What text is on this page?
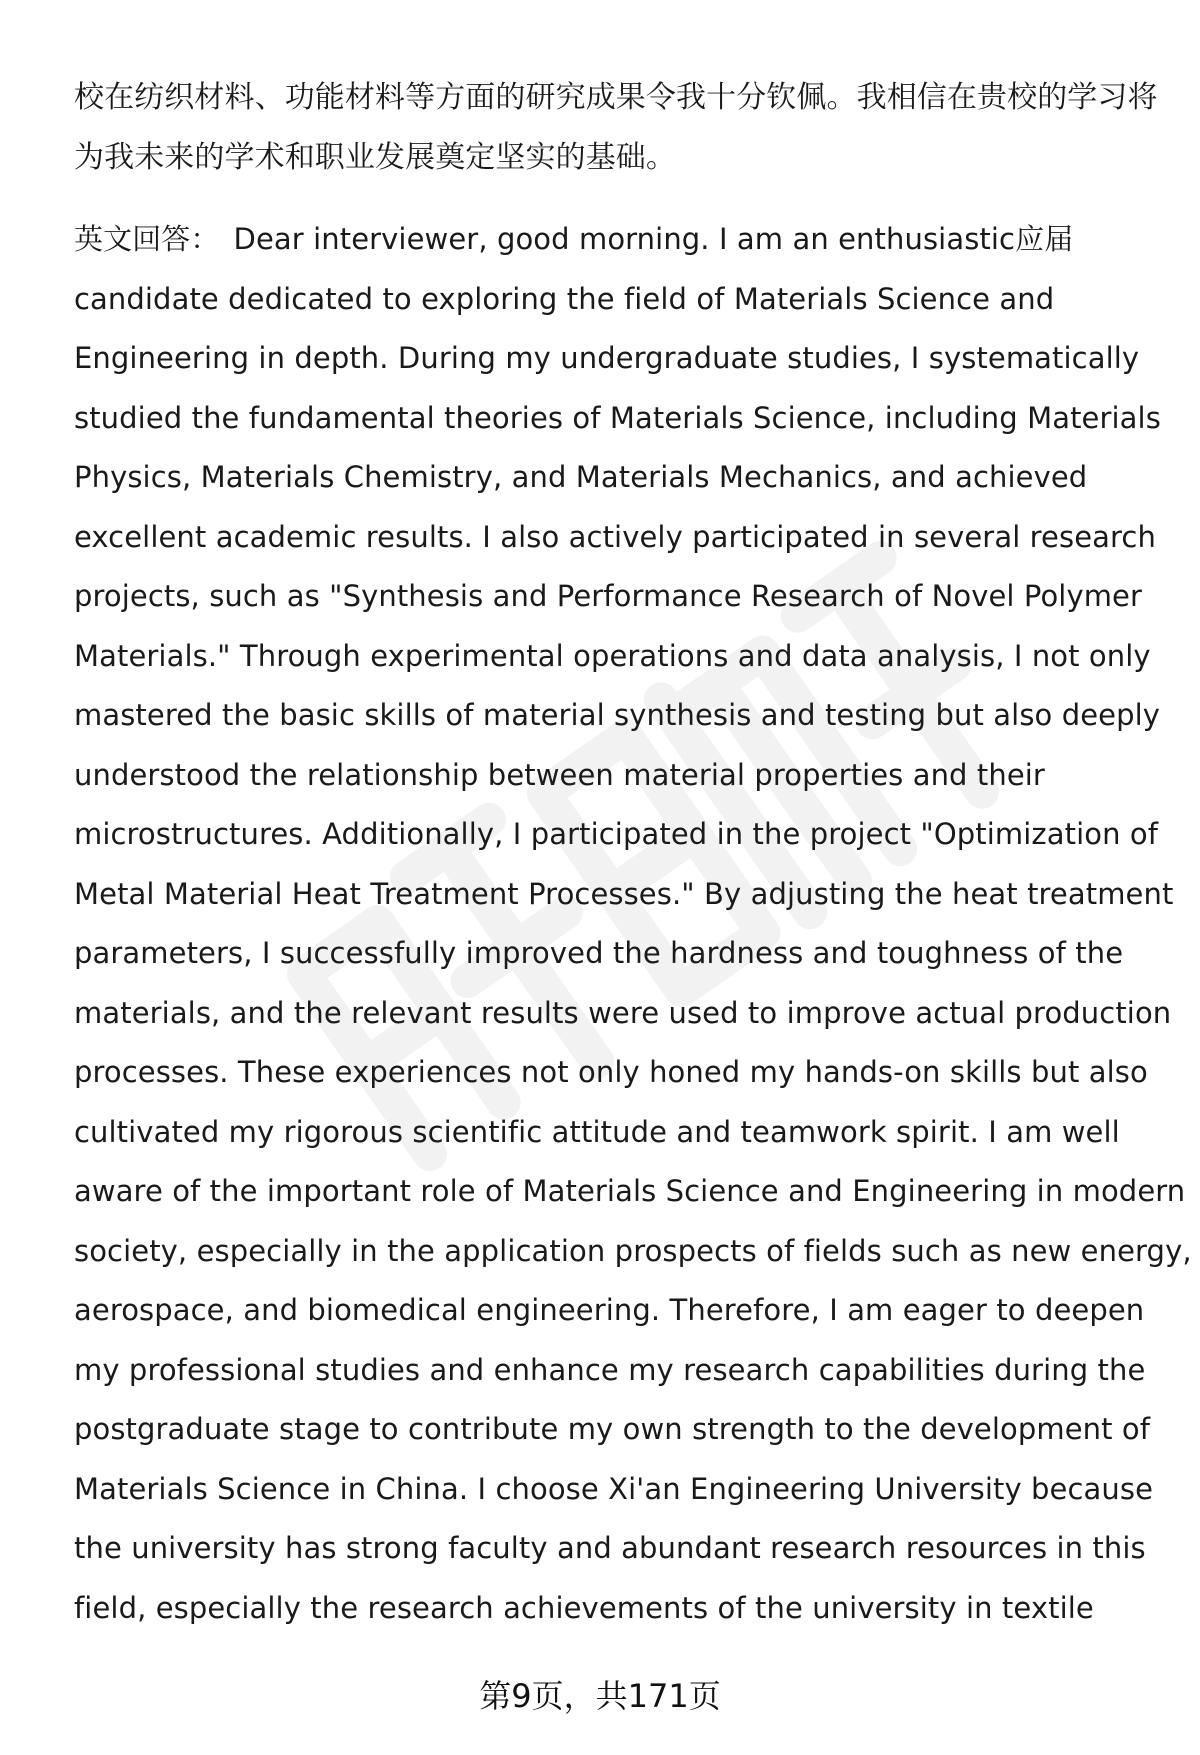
校在纺织材料、功能材料等方面的研究成果令我十分钦佩。我相信在贵校的学习将
为我未来的学术和职业发展奠定坚实的基础。

英文回答： Dear interviewer, good morning. I am an enthusiastic应届
candidate dedicated to exploring the field of Materials Science and
Engineering in depth. During my undergraduate studies, I systematically
studied the fundamental theories of Materials Science, including Materials
Physics, Materials Chemistry, and Materials Mechanics, and achieved
excellent academic results. I also actively participated in several research
projects, such as "Synthesis and Performance Research of Novel Polymer
Materials." Through experimental operations and data analysis, I not only
mastered the basic skills of material synthesis and testing but also deeply
understood the relationship between material properties and their
microstructures. Additionally, I participated in the project "Optimization of
Metal Material Heat Treatment Processes." By adjusting the heat treatment
parameters, I successfully improved the hardness and toughness of the
materials, and the relevant results were used to improve actual production
processes. These experiences not only honed my hands-on skills but also
cultivated my rigorous scientific attitude and teamwork spirit. I am well
aware of the important role of Materials Science and Engineering in modern
society, especially in the application prospects of fields such as new energy,
aerospace, and biomedical engineering. Therefore, I am eager to deepen
my professional studies and enhance my research capabilities during the
postgraduate stage to contribute my own strength to the development of
Materials Science in China. I choose Xi'an Engineering University because
the university has strong faculty and abundant research resources in this
field, especially the research achievements of the university in textile

第9页，共171页
